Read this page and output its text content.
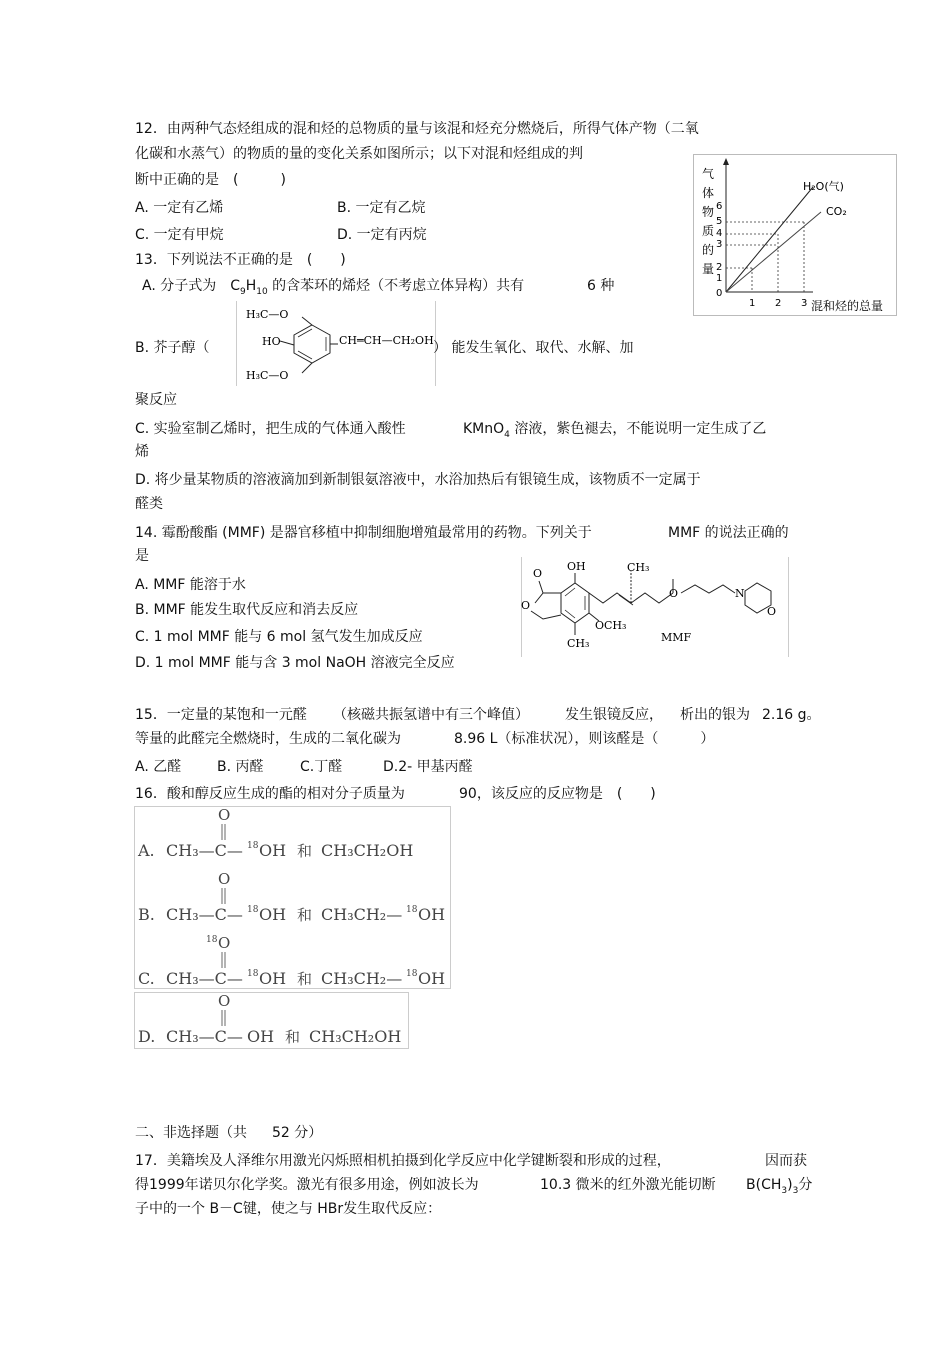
12．由两种气态烃组成的混和烃的总物质的量与该混和烃充分燃烧后，所得气体产物（二氧
化碳和水蒸气）的物质的量的变化关系如图所示；以下对混和烃组成的判
断中正确的是　(　　　)
A. 一定有乙烯	B. 一定有乙烷
C. 一定有甲烷	D. 一定有丙烷
气
体
物
质
的
量
0
1
2
3
4
5
6
1 2 3
H₂O(气)
CO₂
混和烃的总量
13．下列说法不正确的是　(　　)
A. 分子式为　$C_9H_{10}$ 的含苯环的烯烃（不考虑立体异构）共有	6 种
B. 芥子醇（
H₃C—O
HO
H₃C—O
CH═CH—CH₂OH ） 能发生氧化、取代、水解、加
聚反应
C. 实验室制乙烯时，把生成的气体通入酸性	KMnO$_4$ 溶液，紫色褪去，不能说明一定生成了乙
烯
D. 将少量某物质的溶液滴加到新制银氨溶液中，水浴加热后有银镜生成，该物质不一定属于
醛类
14. 霉酚酸酯 (MMF) 是器官移植中抑制细胞增殖最常用的药物。下列关于	MMF 的说法正确的
是
A. MMF 能溶于水
B. MMF 能发生取代反应和消去反应
C. 1 mol MMF 能与 6 mol 氢气发生加成反应
D. 1 mol MMF 能与含 3 mol NaOH 溶液完全反应
O
O
OH
OCH₃
CH₃
CH₃
O	N
O
MMF
15．一定量的某饱和一元醛 （核磁共振氢谱中有三个峰值）	发生银镜反应， 析出的银为 2.16 g。
等量的此醛完全燃烧时，生成的二氧化碳为	8.96 L（标准状况），则该醛是（　　　）
A. 乙醛	B. 丙醛	C.丁醛	D.2- 甲基丙醛
16．酸和醇反应生成的酯的相对分子质量为	90，该反应的反应物是　(　　)
O
A. CH₃—C— 18 OH 和 CH₃CH₂OH
O
B. CH₃—C— 18 OH 和 CH₃CH₂— 18 OH
18 O
C. CH₃—C— 18 OH 和 CH₃CH₂— 18 OH
O
D. CH₃—C— OH 和 CH₃CH₂OH
二、非选择题（共 52 分）
17．美籍埃及人泽维尔用激光闪烁照相机拍摄到化学反应中化学键断裂和形成的过程，	因而获
得1999年诺贝尔化学奖。激光有很多用途，例如波长为	10.3 微米的红外激光能切断 $B(CH_3)_3$分
子中的一个 B－C键，使之与 HBr发生取代反应：
